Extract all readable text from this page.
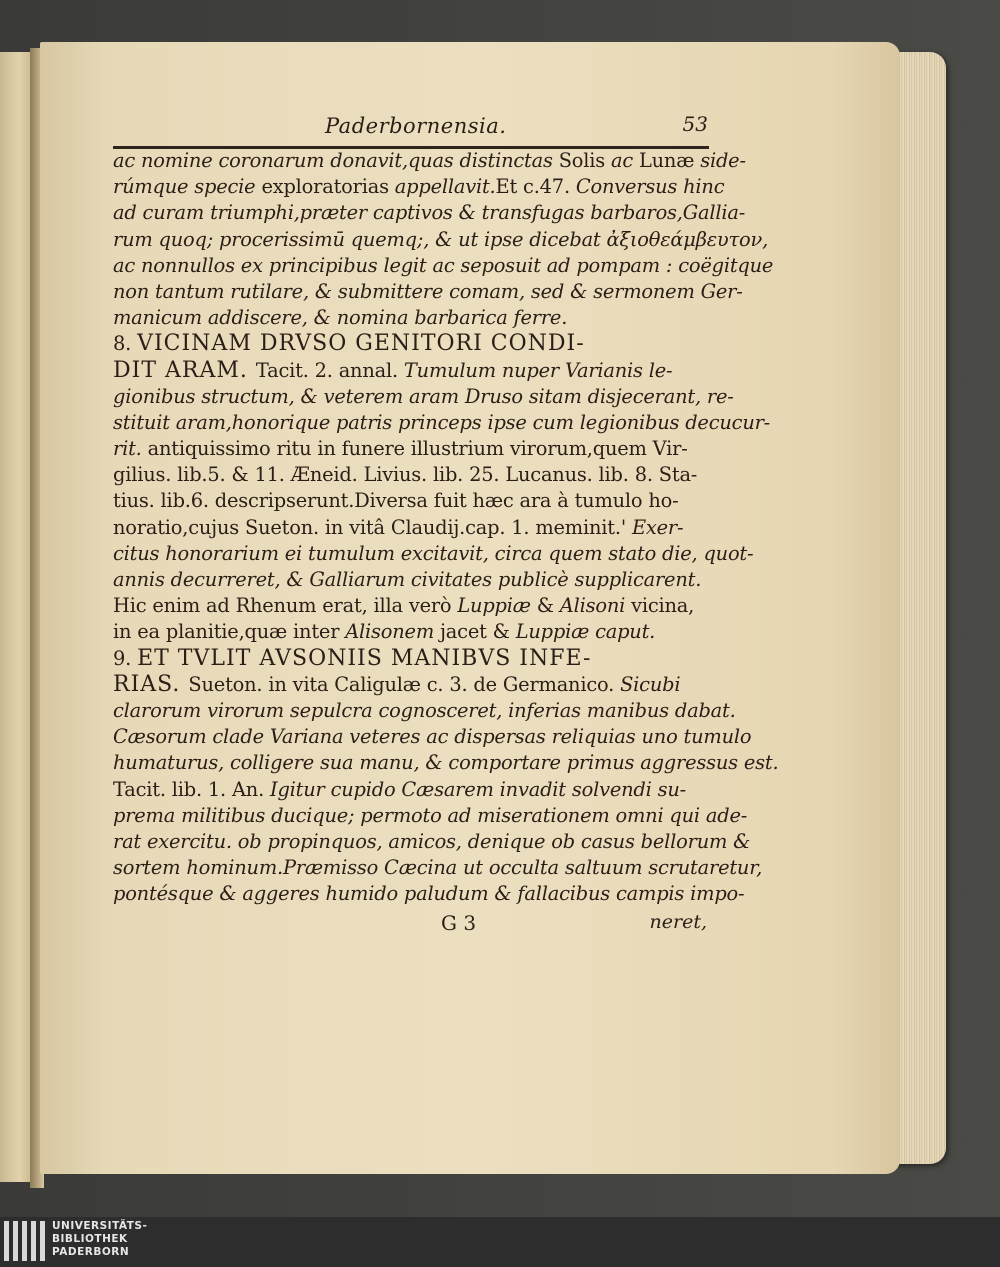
Paderbornensia.	53
ac nomine coronarum donavit,quas distinctas Solis ac Lunæ side-
rúmque specie exploratorias appellavit.Et c.47. Conversus hinc
ad curam triumphi,præter captivos & transfugas barbaros,Gallia-
rum quoq; procerissimū quemq;, & ut ipse dicebat ἀξιοθεάμβευτον,
ac nonnullos ex principibus legit ac seposuit ad pompam : coëgitque
non tantum rutilare, & submittere comam, sed & sermonem Ger-
manicum addiscere, & nomina barbarica ferre.
8. VICINAM DRVSO GENITORI CONDI-
DIT ARAM. Tacit. 2. annal. Tumulum nuper Varianis le-
gionibus structum, & veterem aram Druso sitam disjecerant, re-
stituit aram,honorique patris princeps ipse cum legionibus decucur-
rit. antiquissimo ritu in funere illustrium virorum,quem Vir-
gilius. lib.5. & 11. Æneid. Livius. lib. 25. Lucanus. lib. 8. Sta-
tius. lib.6. descripserunt.Diversa fuit hæc ara à tumulo ho-
noratio,cujus Sueton. in vitâ Claudij.cap. 1. meminit.' Exer-
citus honorarium ei tumulum excitavit, circa quem stato die, quot-
annis decurreret, & Galliarum civitates publicè supplicarent.
Hic enim ad Rhenum erat, illa verò Luppiæ & Alisoni vicina,
in ea planitie,quæ inter Alisonem jacet & Luppiæ caput.
9. ET TVLIT AVSONIIS MANIBVS INFE-
RIAS. Sueton. in vita Caligulæ c. 3. de Germanico. Sicubi
clarorum virorum sepulcra cognosceret, inferias manibus dabat.
Cæsorum clade Variana veteres ac dispersas reliquias uno tumulo
humaturus, colligere sua manu, & comportare primus aggressus est.
Tacit. lib. 1. An. Igitur cupido Cæsarem invadit solvendi su-
prema militibus ducique; permoto ad miserationem omni qui ade-
rat exercitu. ob propinquos, amicos, denique ob casus bellorum &
sortem hominum.Præmisso Cæcina ut occulta saltuum scrutaretur,
pontésque & aggeres humido paludum & fallacibus campis impo-
G 3	neret,
UNIVERSITÄTS-
BIBLIOTHEK
PADERBORN
